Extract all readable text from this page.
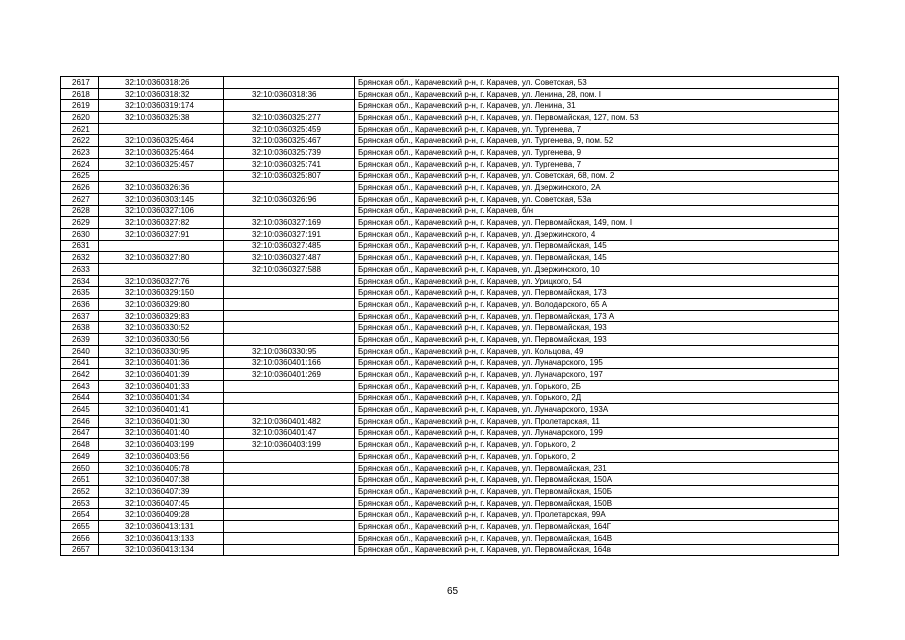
2617	32:10:0360318:26		Брянская обл., Карачевский р-н, г. Карачев, ул. Советская, 53
2618	32:10:0360318:32	32:10:0360318:36	Брянская обл., Карачевский р-н, г. Карачев, ул. Ленина, 28, пом. I
2619	32:10:0360319:174		Брянская обл., Карачевский р-н, г. Карачев, ул. Ленина, 31
2620	32:10:0360325:38	32:10:0360325:277	Брянская обл., Карачевский р-н, г. Карачев, ул. Первомайская, 127, пом. 53
2621		32:10:0360325:459	Брянская обл., Карачевский р-н, г. Карачев, ул. Тургенева, 7
2622	32:10:0360325:464	32:10:0360325:467	Брянская обл., Карачевский р-н, г. Карачев, ул. Тургенева, 9, пом. 52
2623	32:10:0360325:464	32:10:0360325:739	Брянская обл., Карачевский р-н, г. Карачев, ул. Тургенева, 9
2624	32:10:0360325:457	32:10:0360325:741	Брянская обл., Карачевский р-н, г. Карачев, ул. Тургенева, 7
2625		32:10:0360325:807	Брянская обл., Карачевский р-н, г. Карачев, ул. Советская, 68, пом. 2
2626	32:10:0360326:36		Брянская обл., Карачевский р-н, г. Карачев, ул. Дзержинского, 2А
2627	32:10:0360303:145	32:10:0360326:96	Брянская обл., Карачевский р-н, г. Карачев, ул. Советская, 53а
2628	32:10:0360327:106		Брянская обл., Карачевский р-н, г. Карачев, б/н
2629	32:10:0360327:82	32:10:0360327:169	Брянская обл., Карачевский р-н, г. Карачев, ул. Первомайская, 149, пом. I
2630	32:10:0360327:91	32:10:0360327:191	Брянская обл., Карачевский р-н, г. Карачев, ул. Дзержинского, 4
2631		32:10:0360327:485	Брянская обл., Карачевский р-н, г. Карачев, ул. Первомайская, 145
2632	32:10:0360327:80	32:10:0360327:487	Брянская обл., Карачевский р-н, г. Карачев, ул. Первомайская, 145
2633		32:10:0360327:588	Брянская обл., Карачевский р-н, г. Карачев, ул. Дзержинского, 10
2634	32:10:0360327:76		Брянская обл., Карачевский р-н, г. Карачев, ул. Урицкого, 54
2635	32:10:0360329:150		Брянская обл., Карачевский р-н, г. Карачев, ул. Первомайская, 173
2636	32:10:0360329:80		Брянская обл., Карачевский р-н, г. Карачев, ул. Володарского, 65 А
2637	32:10:0360329:83		Брянская обл., Карачевский р-н, г. Карачев, ул. Первомайская, 173 А
2638	32:10:0360330:52		Брянская обл., Карачевский р-н, г. Карачев, ул. Первомайская, 193
2639	32:10:0360330:56		Брянская обл., Карачевский р-н, г. Карачев, ул. Первомайская, 193
2640	32:10:0360330:95	32:10:0360330:95	Брянская обл., Карачевский р-н, г. Карачев, ул. Кольцова, 49
2641	32:10:0360401:36	32:10:0360401:166	Брянская обл., Карачевский р-н, г. Карачев, ул. Луначарского, 195
2642	32:10:0360401:39	32:10:0360401:269	Брянская обл., Карачевский р-н, г. Карачев, ул. Луначарского, 197
2643	32:10:0360401:33		Брянская обл., Карачевский р-н, г. Карачев, ул. Горького, 2Б
2644	32:10:0360401:34		Брянская обл., Карачевский р-н, г. Карачев, ул. Горького, 2Д
2645	32:10:0360401:41		Брянская обл., Карачевский р-н, г. Карачев, ул. Луначарского, 193А
2646	32:10:0360401:30	32:10:0360401:482	Брянская обл., Карачевский р-н, г. Карачев, ул. Пролетарская, 11
2647	32:10:0360401:40	32:10:0360401:47	Брянская обл., Карачевский р-н, г. Карачев, ул. Луначарского, 199
2648	32:10:0360403:199	32:10:0360403:199	Брянская обл., Карачевский р-н, г. Карачев, ул. Горького, 2
2649	32:10:0360403:56		Брянская обл., Карачевский р-н, г. Карачев, ул. Горького, 2
2650	32:10:0360405:78		Брянская обл., Карачевский р-н, г. Карачев, ул. Первомайская, 231
2651	32:10:0360407:38		Брянская обл., Карачевский р-н, г. Карачев, ул. Первомайская, 150А
2652	32:10:0360407:39		Брянская обл., Карачевский р-н, г. Карачев, ул. Первомайская, 150Б
2653	32:10:0360407:45		Брянская обл., Карачевский р-н, г. Карачев, ул. Первомайская, 150В
2654	32:10:0360409:28		Брянская обл., Карачевский р-н, г. Карачев, ул. Пролетарская, 99А
2655	32:10:0360413:131		Брянская обл., Карачевский р-н, г. Карачев, ул. Первомайская, 164Г
2656	32:10:0360413:133		Брянская обл., Карачевский р-н, г. Карачев, ул. Первомайская, 164В
2657	32:10:0360413:134		Брянская обл., Карачевский р-н, г. Карачев, ул. Первомайская, 164в
65
